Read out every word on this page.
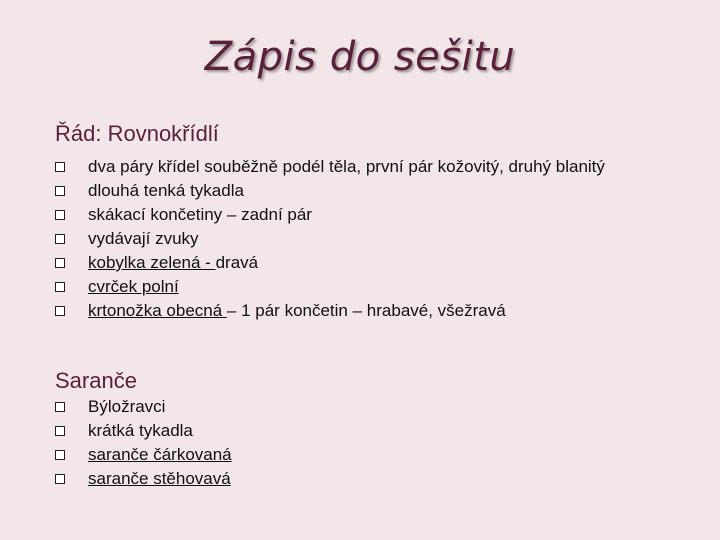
Zápis do sešitu
Řád: Rovnokřídlí
dva páry křídel souběžně podél těla, první pár kožovitý, druhý blanitý
dlouhá tenká tykadla
skákací končetiny – zadní pár
vydávají zvuky
kobylka zelená - dravá
cvrček polní
krtonožka obecná – 1 pár končetin – hrabavé, všežravá
Saranče
Býložravci
krátká tykadla
saranče čárkovaná
saranče stěhovavá
